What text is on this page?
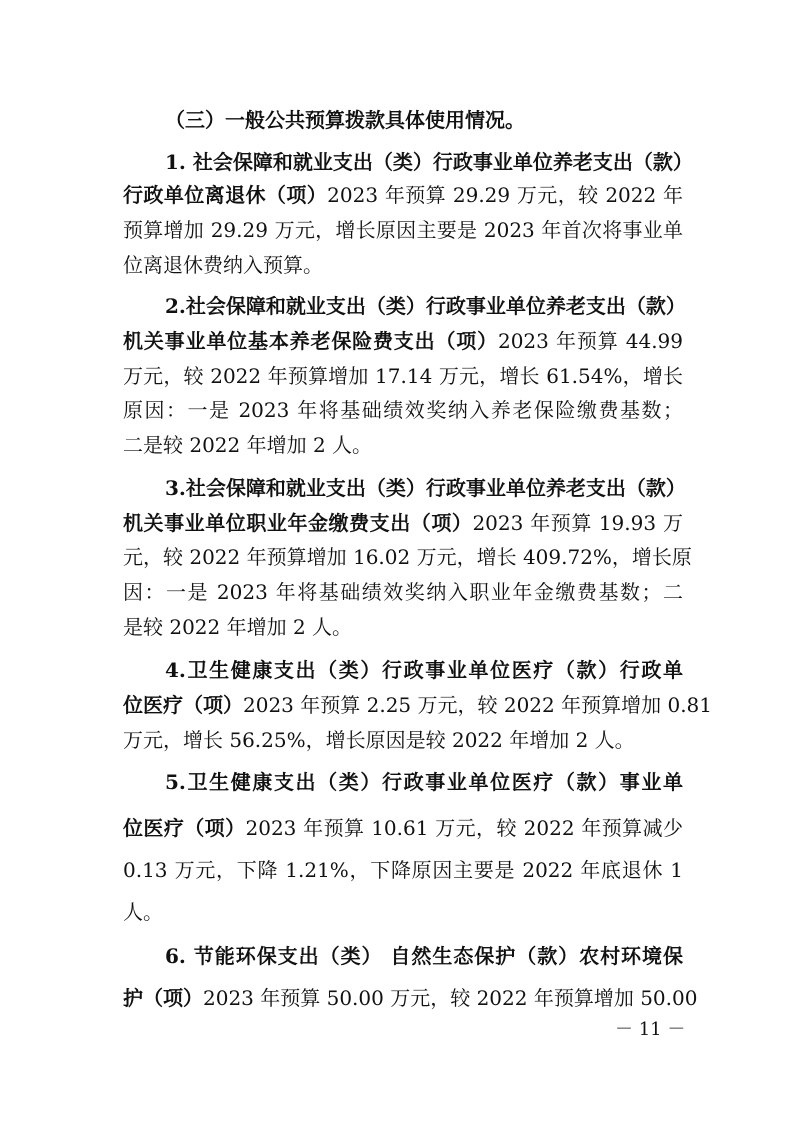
（三）一般公共预算拨款具体使用情况。
1. 社会保障和就业支出（类）行政事业单位养老支出（款）
行政单位离退休（项）2023 年预算 29.29 万元，较 2022 年
预算增加 29.29 万元，增长原因主要是 2023 年首次将事业单
位离退休费纳入预算。
2.社会保障和就业支出（类）行政事业单位养老支出（款）
机关事业单位基本养老保险费支出（项）2023 年预算 44.99
万元，较 2022 年预算增加 17.14 万元，增长 61.54%，增长
原因：一是 2023 年将基础绩效奖纳入养老保险缴费基数；
二是较 2022 年增加 2 人。
3.社会保障和就业支出（类）行政事业单位养老支出（款）
机关事业单位职业年金缴费支出（项）2023 年预算 19.93 万
元，较 2022 年预算增加 16.02 万元，增长 409.72%，增长原
因：一是 2023 年将基础绩效奖纳入职业年金缴费基数；二
是较 2022 年增加 2 人。
4.卫生健康支出（类）行政事业单位医疗（款）行政单
位医疗（项）2023 年预算 2.25 万元，较 2022 年预算增加 0.81
万元，增长 56.25%，增长原因是较 2022 年增加 2 人。
5.卫生健康支出（类）行政事业单位医疗（款）事业单
位医疗（项）2023 年预算 10.61 万元，较 2022 年预算减少
0.13 万元，下降 1.21%，下降原因主要是 2022 年底退休 1
人。
6. 节能环保支出（类） 自然生态保护（款）农村环境保
护（项）2023 年预算 50.00 万元，较 2022 年预算增加 50.00
－ 11 －
